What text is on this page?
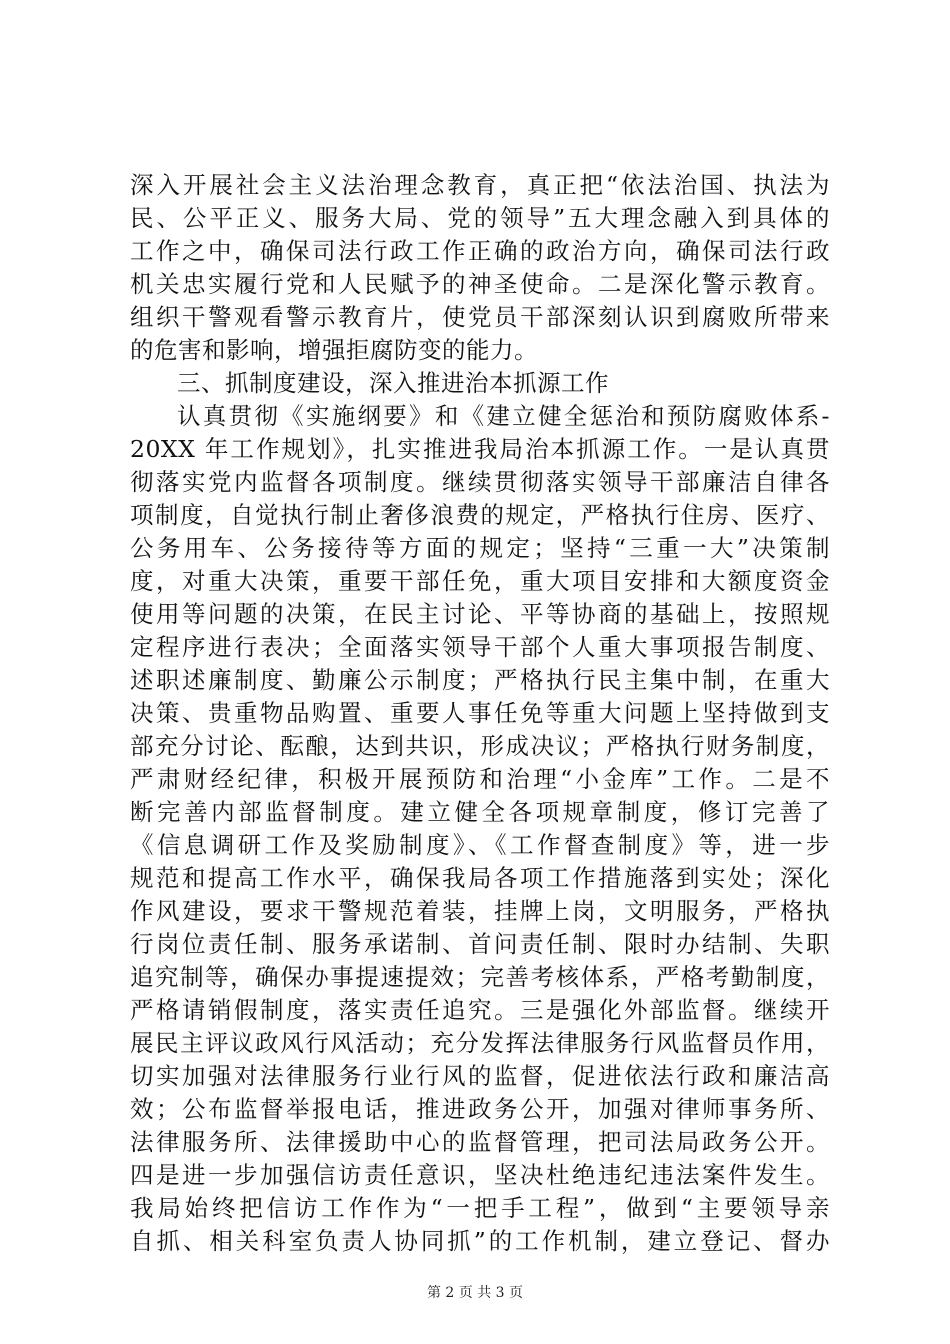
深入开展社会主义法治理念教育，真正把“依法治国、执法为
民、公平正义、服务大局、党的领导”五大理念融入到具体的
工作之中，确保司法行政工作正确的政治方向，确保司法行政
机关忠实履行党和人民赋予的神圣使命。二是深化警示教育。
组织干警观看警示教育片，使党员干部深刻认识到腐败所带来
的危害和影响，增强拒腐防变的能力。
三、抓制度建设，深入推进治本抓源工作
认真贯彻《实施纲要》和《建立健全惩治和预防腐败体系-
20XX 年工作规划》，扎实推进我局治本抓源工作。一是认真贯
彻落实党内监督各项制度。继续贯彻落实领导干部廉洁自律各
项制度，自觉执行制止奢侈浪费的规定，严格执行住房、医疗、
公务用车、公务接待等方面的规定；坚持“三重一大”决策制
度，对重大决策，重要干部任免，重大项目安排和大额度资金
使用等问题的决策，在民主讨论、平等协商的基础上，按照规
定程序进行表决；全面落实领导干部个人重大事项报告制度、
述职述廉制度、勤廉公示制度；严格执行民主集中制，在重大
决策、贵重物品购置、重要人事任免等重大问题上坚持做到支
部充分讨论、酝酿，达到共识，形成决议；严格执行财务制度，
严肃财经纪律，积极开展预防和治理“小金库”工作。二是不
断完善内部监督制度。建立健全各项规章制度，修订完善了
《信息调研工作及奖励制度》、《工作督查制度》等，进一步
规范和提高工作水平，确保我局各项工作措施落到实处；深化
作风建设，要求干警规范着装，挂牌上岗，文明服务，严格执
行岗位责任制、服务承诺制、首问责任制、限时办结制、失职
追究制等，确保办事提速提效；完善考核体系，严格考勤制度，
严格请销假制度，落实责任追究。三是强化外部监督。继续开
展民主评议政风行风活动；充分发挥法律服务行风监督员作用，
切实加强对法律服务行业行风的监督，促进依法行政和廉洁高
效；公布监督举报电话，推进政务公开，加强对律师事务所、
法律服务所、法律援助中心的监督管理，把司法局政务公开。
四是进一步加强信访责任意识，坚决杜绝违纪违法案件发生。
我局始终把信访工作作为“一把手工程”，做到“主要领导亲
自抓、相关科室负责人协同抓”的工作机制，建立登记、督办
第 2 页 共 3 页
